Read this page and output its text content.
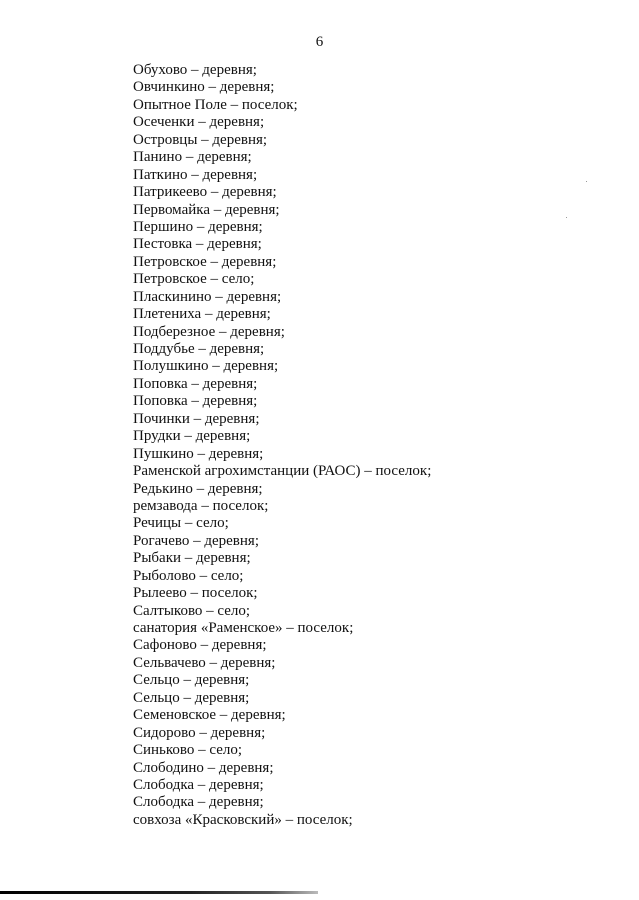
6
Обухово – деревня;
Овчинкино – деревня;
Опытное Поле – поселок;
Осеченки – деревня;
Островцы – деревня;
Панино – деревня;
Паткино – деревня;
Патрикеево – деревня;
Первомайка – деревня;
Першино – деревня;
Пестовка – деревня;
Петровское – деревня;
Петровское – село;
Пласкинино – деревня;
Плетениха – деревня;
Подберезное – деревня;
Поддубье – деревня;
Полушкино – деревня;
Поповка – деревня;
Поповка – деревня;
Починки – деревня;
Прудки – деревня;
Пушкино – деревня;
Раменской агрохимстанции (РАОС) – поселок;
Редькино – деревня;
ремзавода – поселок;
Речицы – село;
Рогачево – деревня;
Рыбаки – деревня;
Рыболово – село;
Рылеево – поселок;
Салтыково – село;
санатория «Раменское» – поселок;
Сафоново – деревня;
Сельвачево – деревня;
Сельцо – деревня;
Сельцо – деревня;
Семеновское – деревня;
Сидорово – деревня;
Синьково – село;
Слободино – деревня;
Слободка – деревня;
Слободка – деревня;
совхоза «Красковский» – поселок;
